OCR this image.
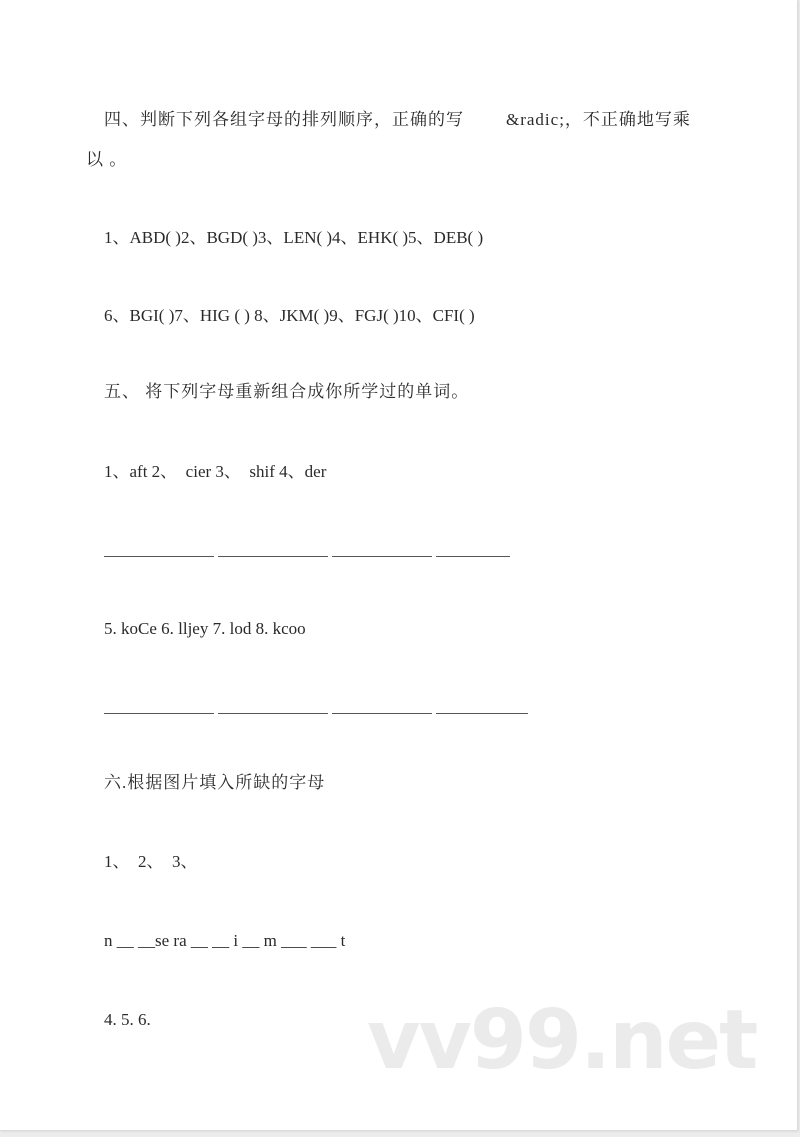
四、判断下列各组字母的排列顺序，正确的写        &radic;，不正确地写乘
以 。
1、ABD( )2、BGD( )3、LEN( )4、EHK( )5、DEB( )
6、BGI( )7、HIG ( ) 8、JKM( )9、FGJ( )10、CFI( )
五、 将下列字母重新组合成你所学过的单词。
1、aft 2、  cier 3、  shif 4、der
5. koCe 6. lljey 7. lod 8. kcoo
六.根据图片填入所缺的字母
1、  2、  3、
n __ __se ra __ __ i __ m ___ ___ t
4. 5. 6.	vv99.net
